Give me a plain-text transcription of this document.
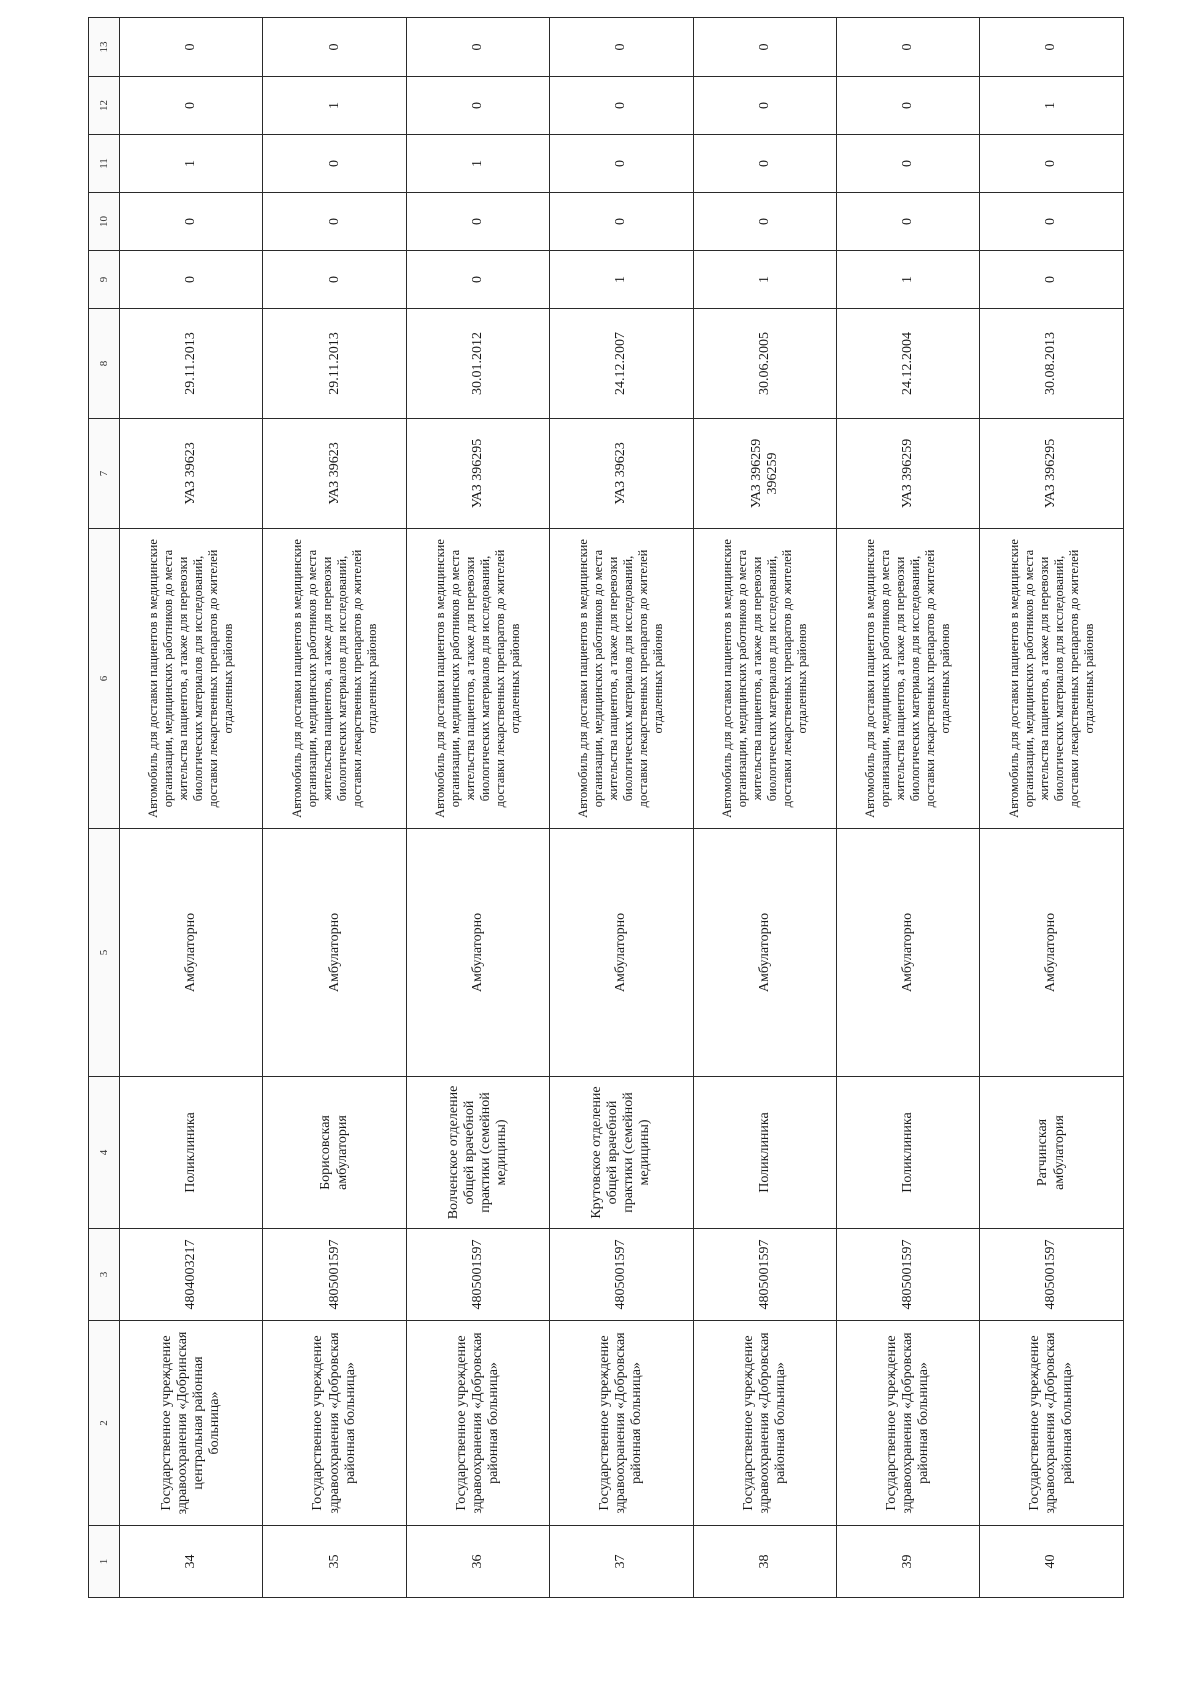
1	2	3	4	5	6	7	8	9	10	11	12	13
34	Государственное учреждение здравоохранения «Добринская центральная районная больница»	4804003217	Поликлиника	Амбулаторно	Автомобиль для доставки пациентов в медицинские организации, медицинских работников до места жительства пациентов, а также для перевозки биологических материалов для исследований, доставки лекарственных препаратов до жителей отдаленных районов	УАЗ 39623	29.11.2013	0	0	1	0	0
35	Государственное учреждение здравоохранения «Добровская районная больница»	4805001597	Борисовская амбулатория	Амбулаторно	Автомобиль для доставки пациентов в медицинские организации, медицинских работников до места жительства пациентов, а также для перевозки биологических материалов для исследований, доставки лекарственных препаратов до жителей отдаленных районов	УАЗ 39623	29.11.2013	0	0	0	1	0
36	Государственное учреждение здравоохранения «Добровская районная больница»	4805001597	Волченское отделение общей врачебной практики (семейной медицины)	Амбулаторно	Автомобиль для доставки пациентов в медицинские организации, медицинских работников до места жительства пациентов, а также для перевозки биологических материалов для исследований, доставки лекарственных препаратов до жителей отдаленных районов	УАЗ 396295	30.01.2012	0	0	1	0	0
37	Государственное учреждение здравоохранения «Добровская районная больница»	4805001597	Крутовское отделение общей врачебной практики (семейной медицины)	Амбулаторно	Автомобиль для доставки пациентов в медицинские организации, медицинских работников до места жительства пациентов, а также для перевозки биологических материалов для исследований, доставки лекарственных препаратов до жителей отдаленных районов	УАЗ 39623	24.12.2007	1	0	0	0	0
38	Государственное учреждение здравоохранения «Добровская районная больница»	4805001597	Поликлиника	Амбулаторно	Автомобиль для доставки пациентов в медицинские организации, медицинских работников до места жительства пациентов, а также для перевозки биологических материалов для исследований, доставки лекарственных препаратов до жителей отдаленных районов	УАЗ 396259 396259	30.06.2005	1	0	0	0	0
39	Государственное учреждение здравоохранения «Добровская районная больница»	4805001597	Поликлиника	Амбулаторно	Автомобиль для доставки пациентов в медицинские организации, медицинских работников до места жительства пациентов, а также для перевозки биологических материалов для исследований, доставки лекарственных препаратов до жителей отдаленных районов	УАЗ 396259	24.12.2004	1	0	0	0	0
40	Государственное учреждение здравоохранения «Добровская районная больница»	4805001597	Ратчинская амбулатория	Амбулаторно	Автомобиль для доставки пациентов в медицинские организации, медицинских работников до места жительства пациентов, а также для перевозки биологических материалов для исследований, доставки лекарственных препаратов до жителей отдаленных районов	УАЗ 396295	30.08.2013	0	0	0	1	0
